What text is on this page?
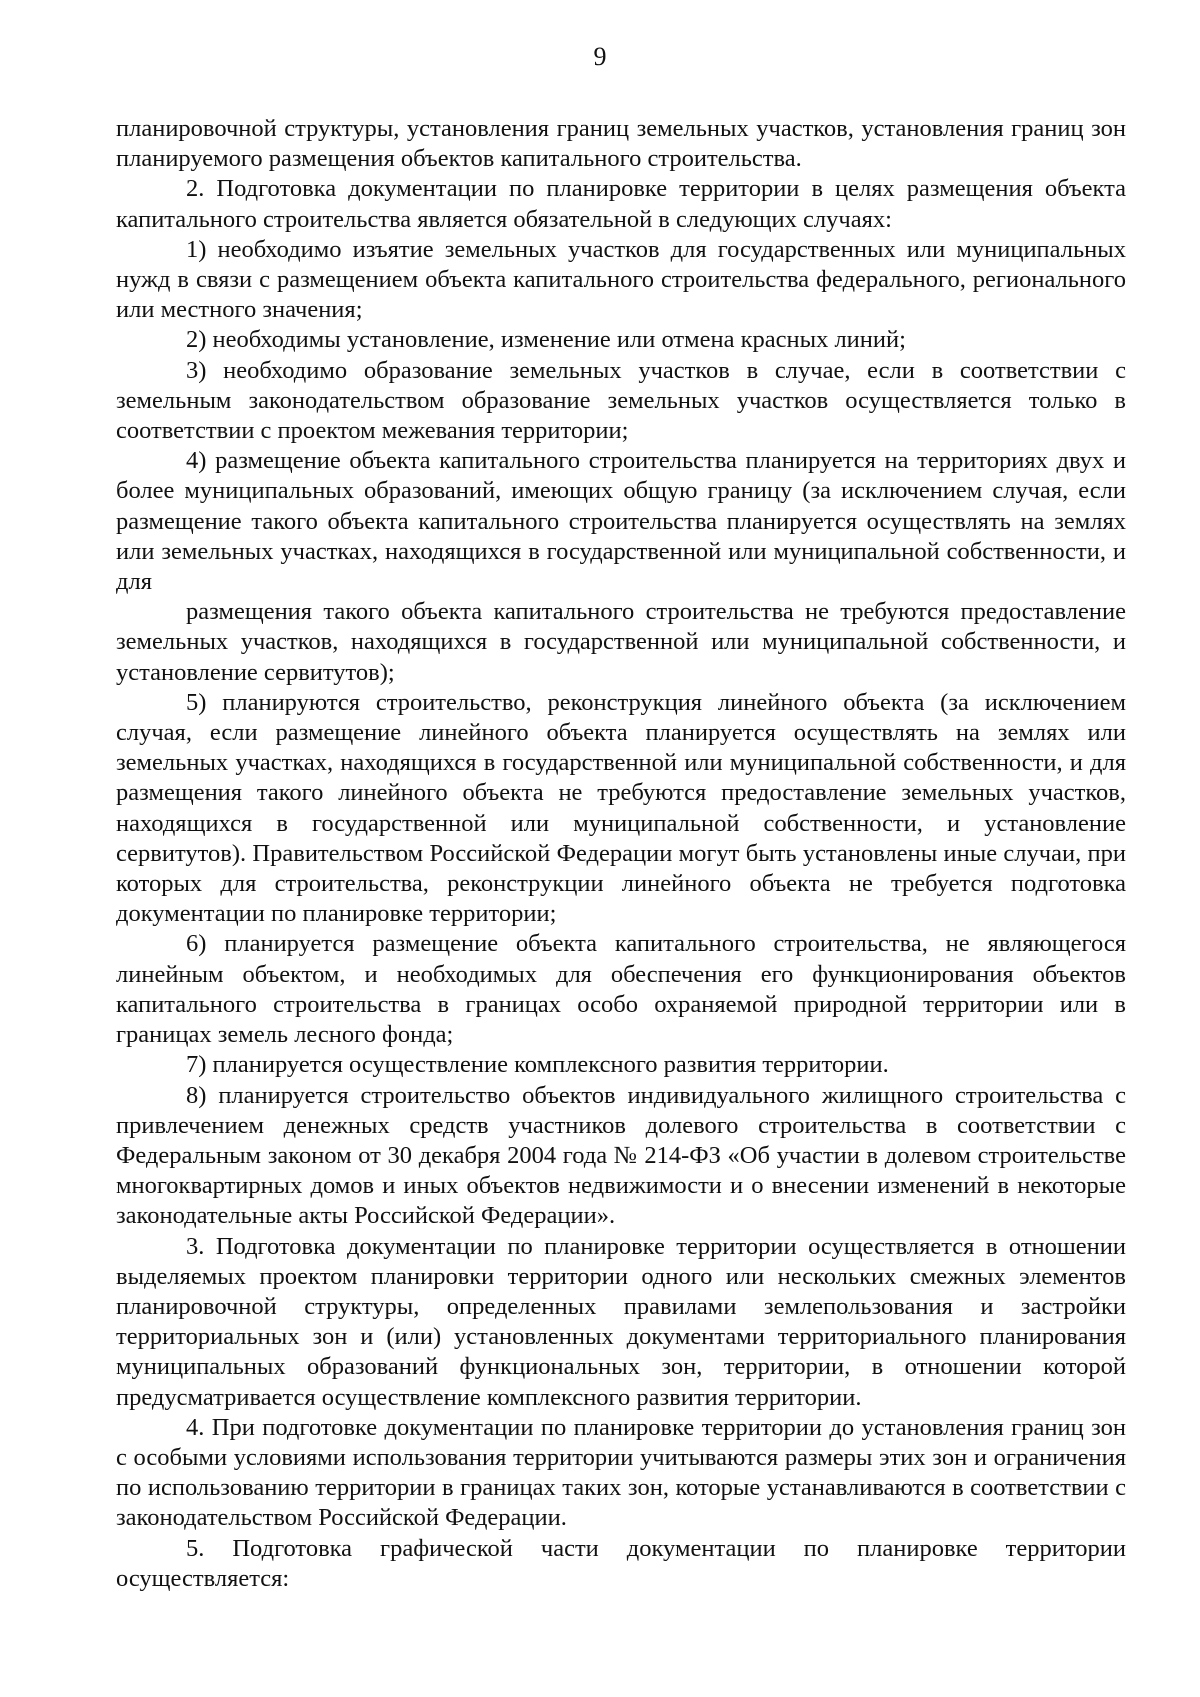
9

планировочной структуры, установления границ земельных участков, установления границ зон планируемого размещения объектов капитального строительства.

2. Подготовка документации по планировке территории в целях размещения объекта капитального строительства является обязательной в следующих случаях:

1) необходимо изъятие земельных участков для государственных или муниципальных нужд в связи с размещением объекта капитального строительства федерального, регионального или местного значения;

2) необходимы установление, изменение или отмена красных линий;

3) необходимо образование земельных участков в случае, если в соответствии с земельным законодательством образование земельных участков осуществляется только в соответствии с проектом межевания территории;

4) размещение объекта капитального строительства планируется на территориях двух и более муниципальных образований, имеющих общую границу (за исключением случая, если размещение такого объекта капитального строительства планируется осуществлять на землях или земельных участках, находящихся в государственной или муниципальной собственности, и для

размещения такого объекта капитального строительства не требуются предоставление земельных участков, находящихся в государственной или муниципальной собственности, и установление сервитутов);

5) планируются строительство, реконструкция линейного объекта (за исключением случая, если размещение линейного объекта планируется осуществлять на землях или земельных участках, находящихся в государственной или муниципальной собственности, и для размещения такого линейного объекта не требуются предоставление земельных участков, находящихся в государственной или муниципальной собственности, и установление сервитутов). Правительством Российской Федерации могут быть установлены иные случаи, при которых для строительства, реконструкции линейного объекта не требуется подготовка документации по планировке территории;

6) планируется размещение объекта капитального строительства, не являющегося линейным объектом, и необходимых для обеспечения его функционирования объектов капитального строительства в границах особо охраняемой природной территории или в границах земель лесного фонда;

7) планируется осуществление комплексного развития территории.

8) планируется строительство объектов индивидуального жилищного строительства с привлечением денежных средств участников долевого строительства в соответствии с Федеральным законом от 30 декабря 2004 года № 214-ФЗ «Об участии в долевом строительстве многоквартирных домов и иных объектов недвижимости и о внесении изменений в некоторые законодательные акты Российской Федерации».

3. Подготовка документации по планировке территории осуществляется в отношении выделяемых проектом планировки территории одного или нескольких смежных элементов планировочной структуры, определенных правилами землепользования и застройки территориальных зон и (или) установленных документами территориального планирования муниципальных образований функциональных зон, территории, в отношении которой предусматривается осуществление комплексного развития территории.

4. При подготовке документации по планировке территории до установления границ зон с особыми условиями использования территории учитываются размеры этих зон и ограничения по использованию территории в границах таких зон, которые устанавливаются в соответствии с законодательством Российской Федерации.

5. Подготовка графической части документации по планировке территории осуществляется:
